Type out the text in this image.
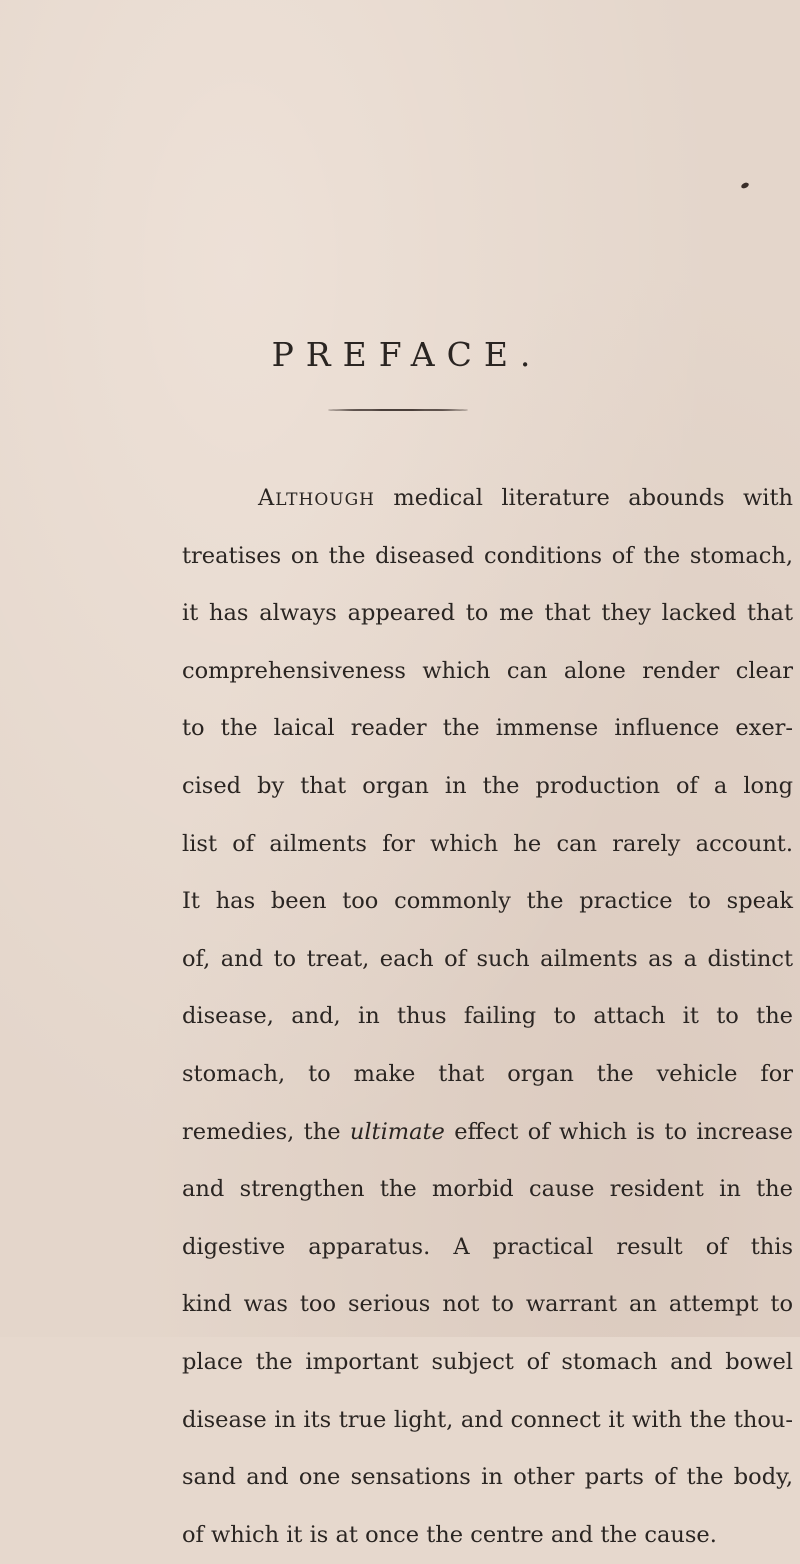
PREFACE.
ALTHOUGH medical literature abounds with
treatises on the diseased conditions of the stomach,
it has always appeared to me that they lacked that
comprehensiveness which can alone render clear
to the laical reader the immense influence exer-
cised by that organ in the production of a long
list of ailments for which he can rarely account.
It has been too commonly the practice to speak
of, and to treat, each of such ailments as a distinct
disease, and, in thus failing to attach it to the
stomach, to make that organ the vehicle for
remedies, the ultimate effect of which is to increase
and strengthen the morbid cause resident in the
digestive apparatus. A practical result of this
kind was too serious not to warrant an attempt to
place the important subject of stomach and bowel
disease in its true light, and connect it with the thou-
sand and one sensations in other parts of the body,
of which it is at once the centre and the cause.
